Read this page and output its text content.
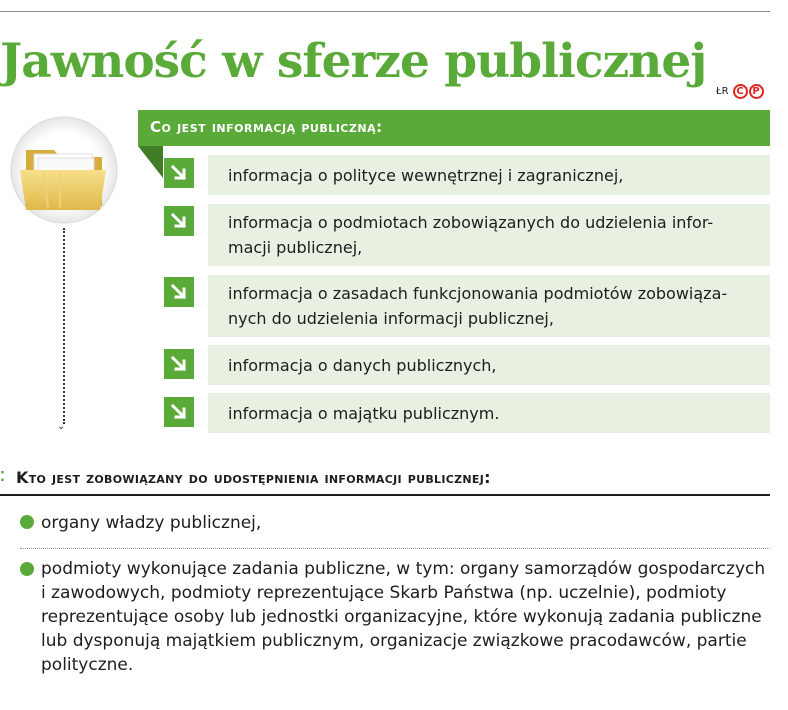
Jawność w sferze publicznej
ŁR C P
⌄
Co jest informacją publiczną:
informacja o polityce wewnętrznej i zagranicznej,
informacja o podmiotach zobowiązanych do udzielenia infor-macji publicznej,
informacja o zasadach funkcjonowania podmiotów zobowiąza-nych do udzielenia informacji publicznej,
informacja o danych publicznych,
informacja o majątku publicznym.
⁚ Kto jest zobowiązany do udostępnienia informacji publicznej:

organy władzy publicznej,

podmioty wykonujące zadania publiczne, w tym: organy samorządów gospodarczych i zawodowych, podmioty reprezentujące Skarb Państwa (np. uczelnie), podmioty reprezentujące osoby lub jednostki organizacyjne, które wykonują zadania publiczne lub dysponują majątkiem publicznym, organizacje związkowe pracodawców, partie polityczne.
